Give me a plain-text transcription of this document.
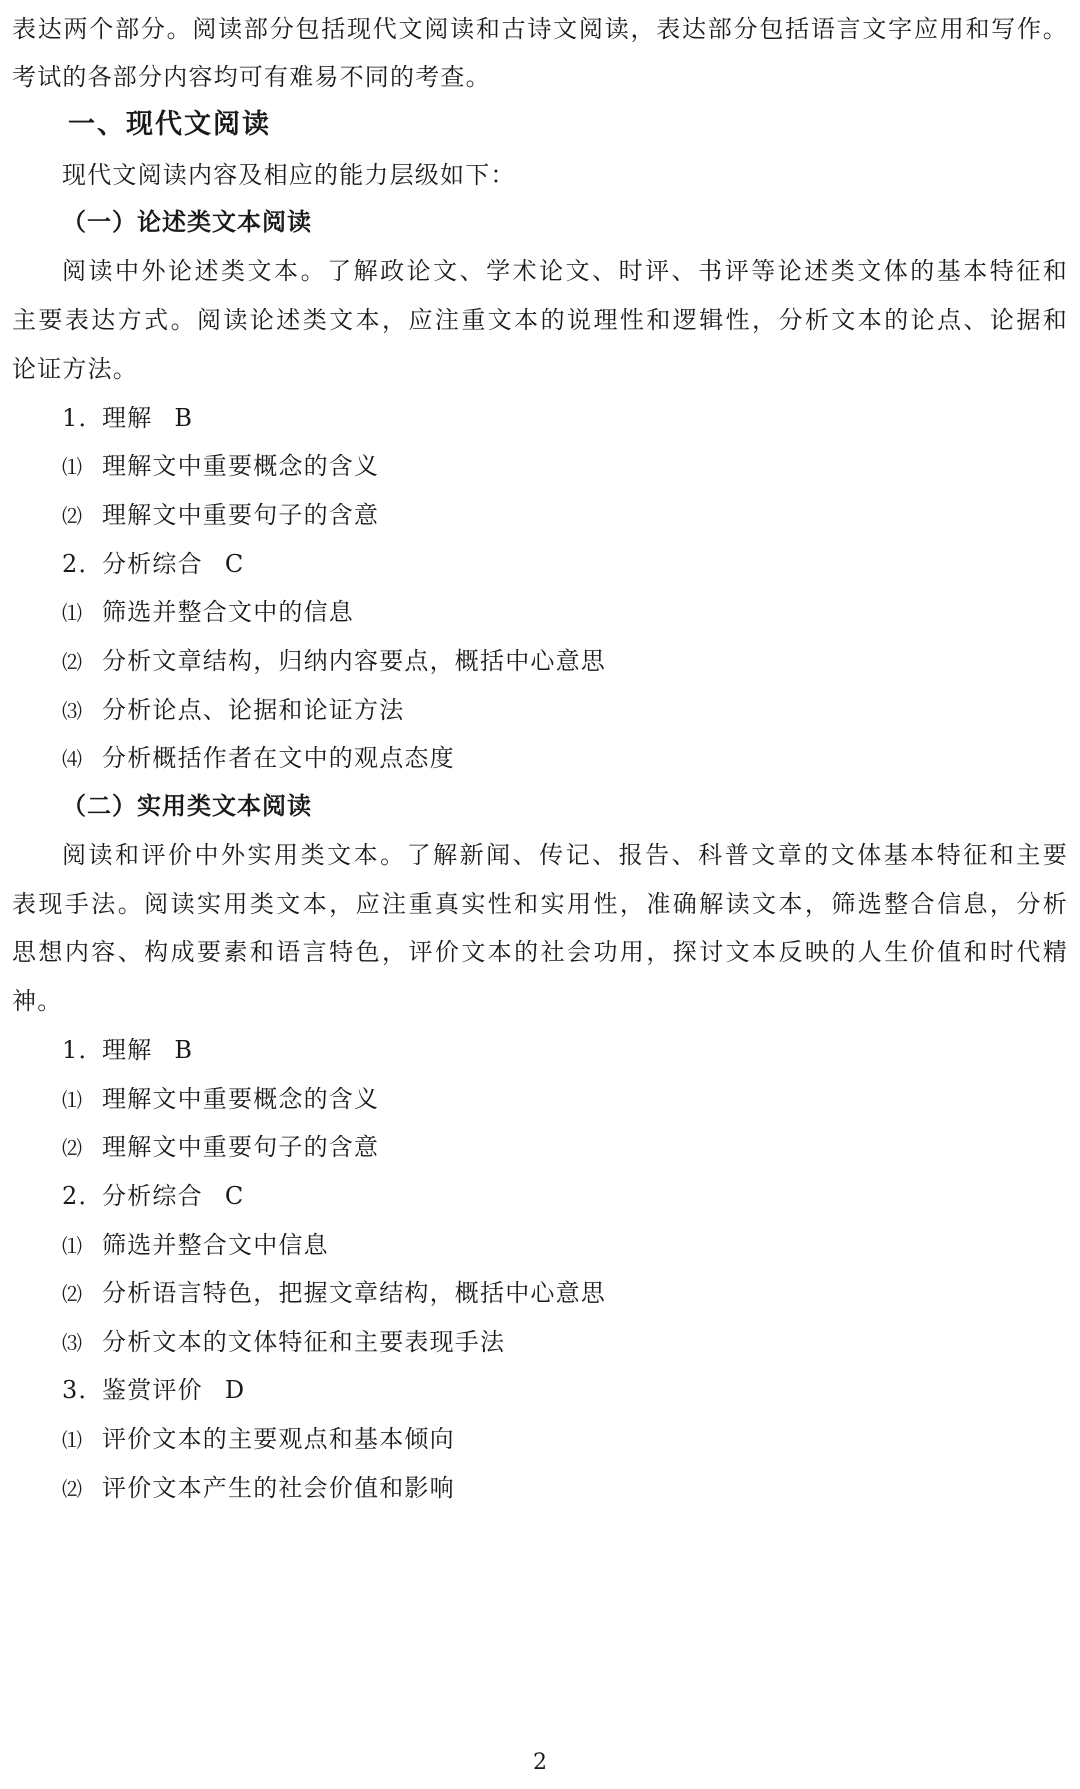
表达两个部分。阅读部分包括现代文阅读和古诗文阅读，表达部分包括语言文字应用和写作。
考试的各部分内容均可有难易不同的考查。
一、现代文阅读
现代文阅读内容及相应的能力层级如下：
（一）论述类文本阅读
阅读中外论述类文本。了解政论文、学术论文、时评、书评等论述类文体的基本特征和
主要表达方式。阅读论述类文本，应注重文本的说理性和逻辑性，分析文本的论点、论据和
论证方法。
1．理解 B
⑴ 理解文中重要概念的含义
⑵ 理解文中重要句子的含意
2．分析综合 C
⑴ 筛选并整合文中的信息
⑵ 分析文章结构，归纳内容要点，概括中心意思
⑶ 分析论点、论据和论证方法
⑷ 分析概括作者在文中的观点态度
（二）实用类文本阅读
阅读和评价中外实用类文本。了解新闻、传记、报告、科普文章的文体基本特征和主要
表现手法。阅读实用类文本，应注重真实性和实用性，准确解读文本，筛选整合信息，分析
思想内容、构成要素和语言特色，评价文本的社会功用，探讨文本反映的人生价值和时代精
神。
1．理解 B
⑴ 理解文中重要概念的含义
⑵ 理解文中重要句子的含意
2．分析综合 C
⑴ 筛选并整合文中信息
⑵ 分析语言特色，把握文章结构，概括中心意思
⑶ 分析文本的文体特征和主要表现手法
3．鉴赏评价 D
⑴ 评价文本的主要观点和基本倾向
⑵ 评价文本产生的社会价值和影响
2
